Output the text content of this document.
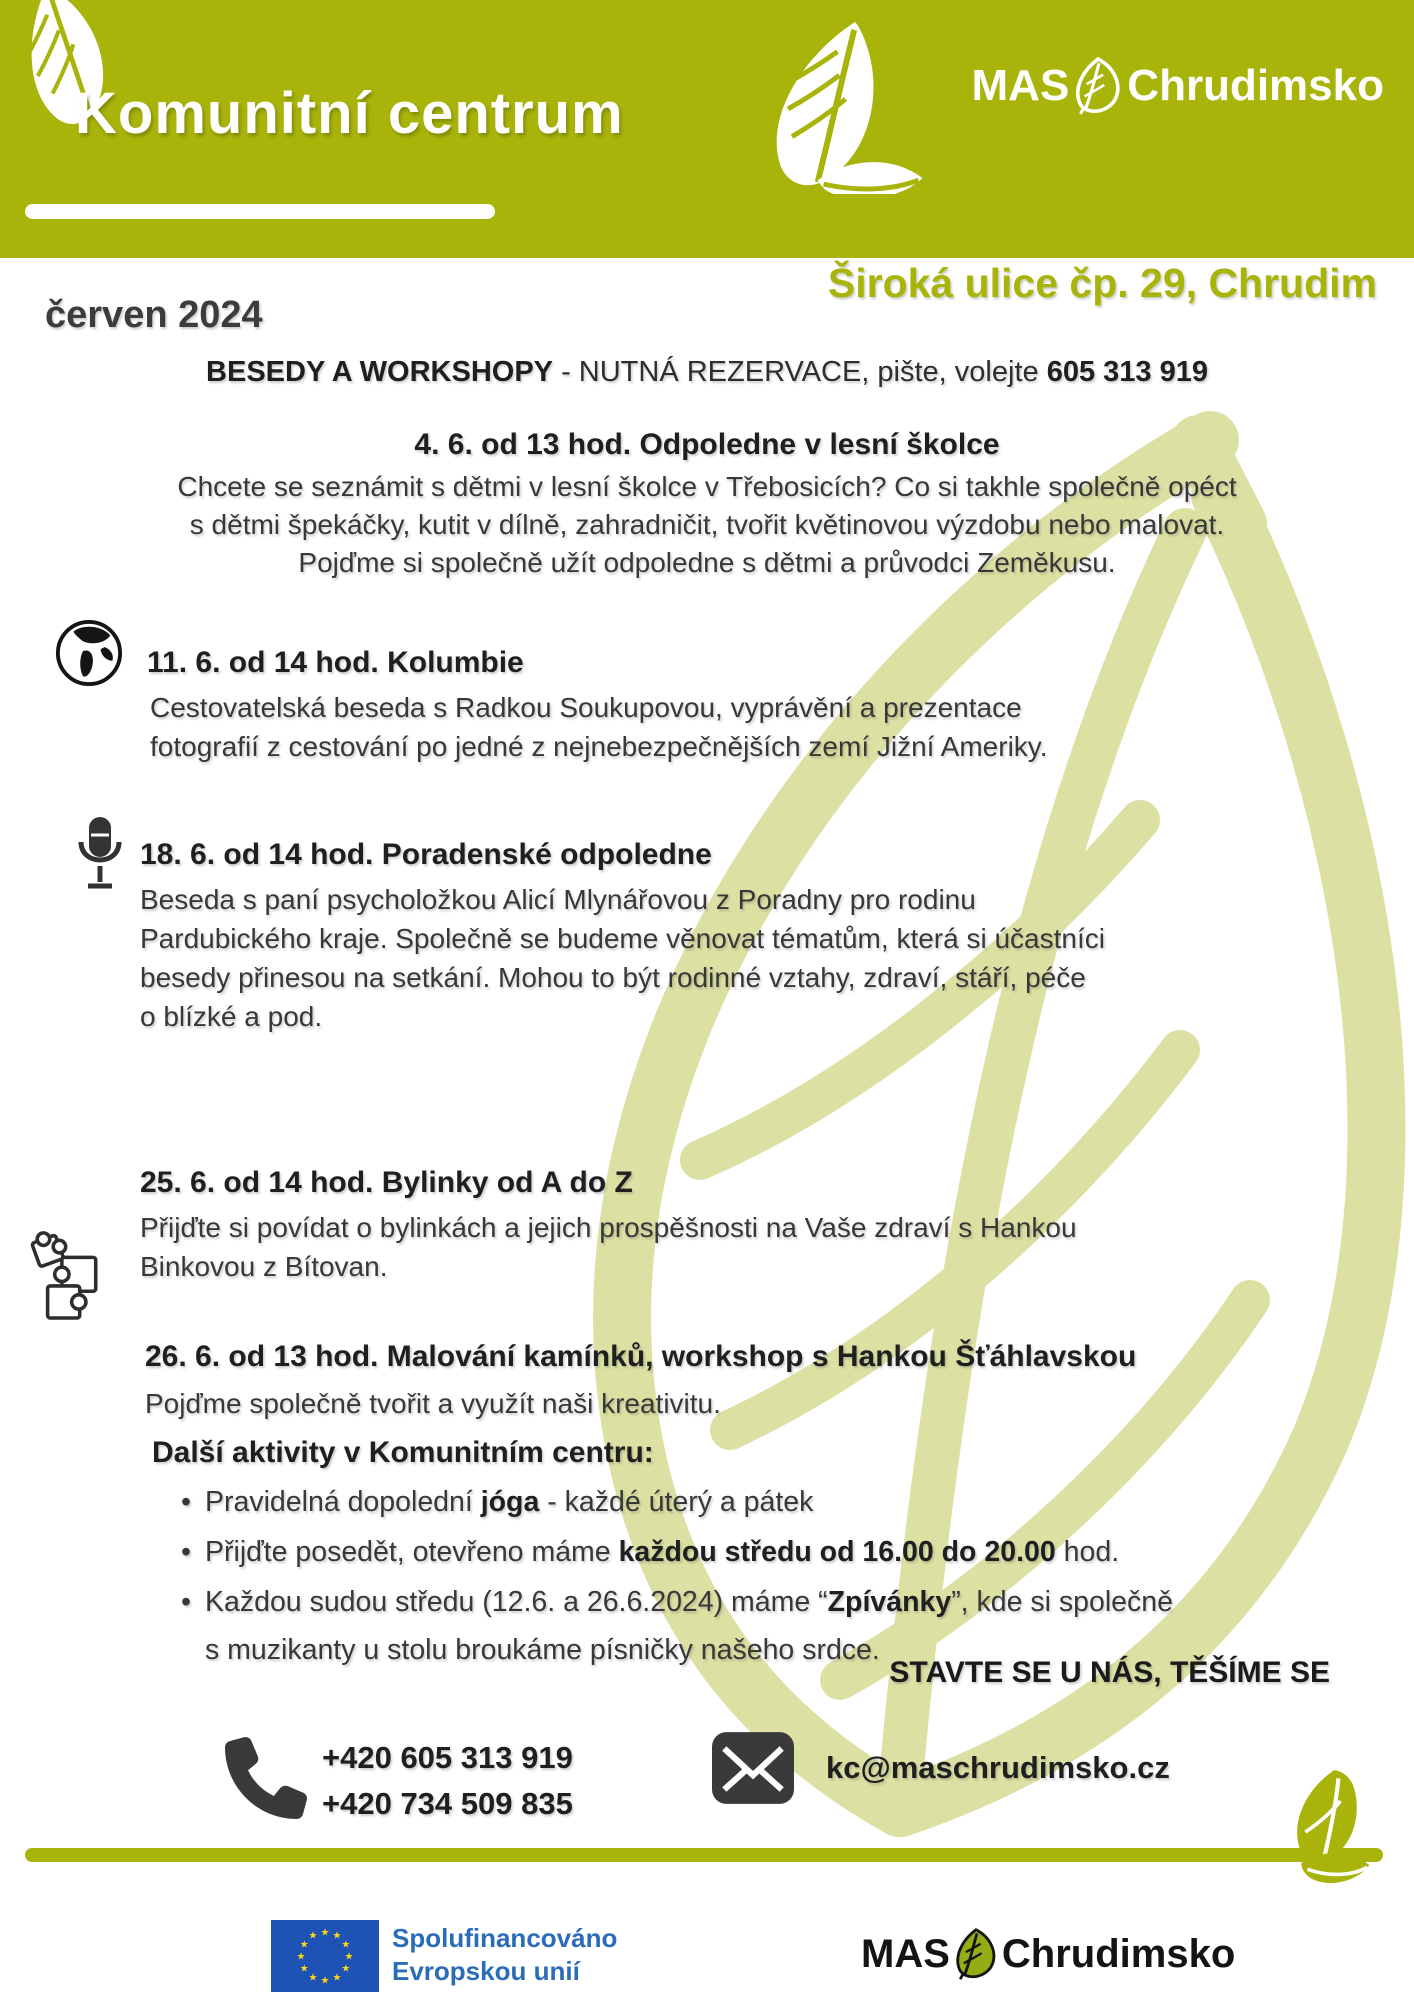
Komunitní centrum	MAS Chrudimsko
červen 2024
Široká ulice čp. 29, Chrudim
BESEDY A WORKSHOPY - NUTNÁ REZERVACE, pište, volejte 605 313 919
4. 6. od 13 hod. Odpoledne v lesní školce
Chcete se seznámit s dětmi v lesní školce v Třebosicích? Co si takhle společně opéct
s dětmi špekáčky, kutit v dílně, zahradničit, tvořit květinovou výzdobu nebo malovat.
Pojďme si společně užít odpoledne s dětmi a průvodci Zeměkusu.
11. 6. od 14 hod. Kolumbie
Cestovatelská beseda s Radkou Soukupovou, vyprávění a prezentace
fotografií z cestování po jedné z nejnebezpečnějších zemí Jižní Ameriky.
18. 6. od 14 hod. Poradenské odpoledne
Beseda s paní psycholožkou Alicí Mlynářovou z Poradny pro rodinu
Pardubického kraje. Společně se budeme věnovat tématům, která si účastníci
besedy přinesou na setkání. Mohou to být rodinné vztahy, zdraví, stáří, péče
o blízké a pod.
25. 6. od 14 hod. Bylinky od A do Z
Přijďte si povídat o bylinkách a jejich prospěšnosti na Vaše zdraví s Hankou
Binkovou z Bítovan.
26. 6. od 13 hod. Malování kamínků, workshop s Hankou Šťáhlavskou
Pojďme společně tvořit a využít naši kreativitu.
Další aktivity v Komunitním centru:
• Pravidelná dopolední jóga - každé úterý a pátek
• Přijďte posedět, otevřeno máme každou středu od 16.00 do 20.00 hod.
• Každou sudou středu (12.6. a 26.6.2024) máme “Zpívánky”, kde si společně
s muzikanty u stolu broukáme písničky našeho srdce.
STAVTE SE U NÁS, TĚŠÍME SE
+420 605 313 919
+420 734 509 835
kc@maschrudimsko.cz
★ ★
★
★
★
★
★
★
★
★
★
★	Spolufinancováno
Evropskou unií	MAS Chrudimsko
